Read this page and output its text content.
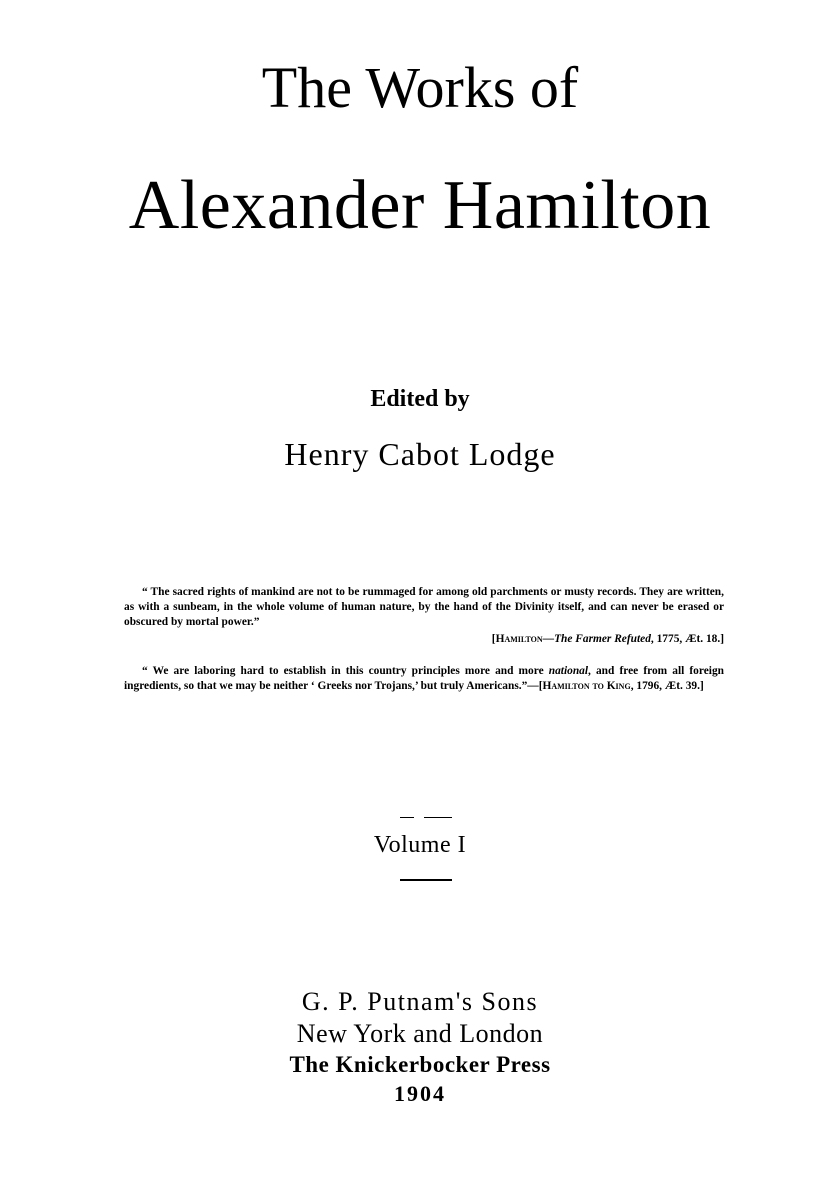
The Works of
Alexander Hamilton
Edited by
Henry Cabot Lodge

“ The sacred rights of mankind are not to be rummaged for among old parchments or musty records. They are written, as with a sunbeam, in the whole volume of human nature, by the hand of the Divinity itself, and can never be erased or obscured by mortal power.”
[Hamilton—The Farmer Refuted, 1775, Æt. 18.]

“ We are laboring hard to establish in this country principles more and more national, and free from all foreign ingredients, so that we may be neither ‘ Greeks nor Trojans,’ but truly Americans.”—[Hamilton to King, 1796, Æt. 39.]

Volume I
G. P. Putnam's Sons
New York and London
The Knickerbocker Press
1904
